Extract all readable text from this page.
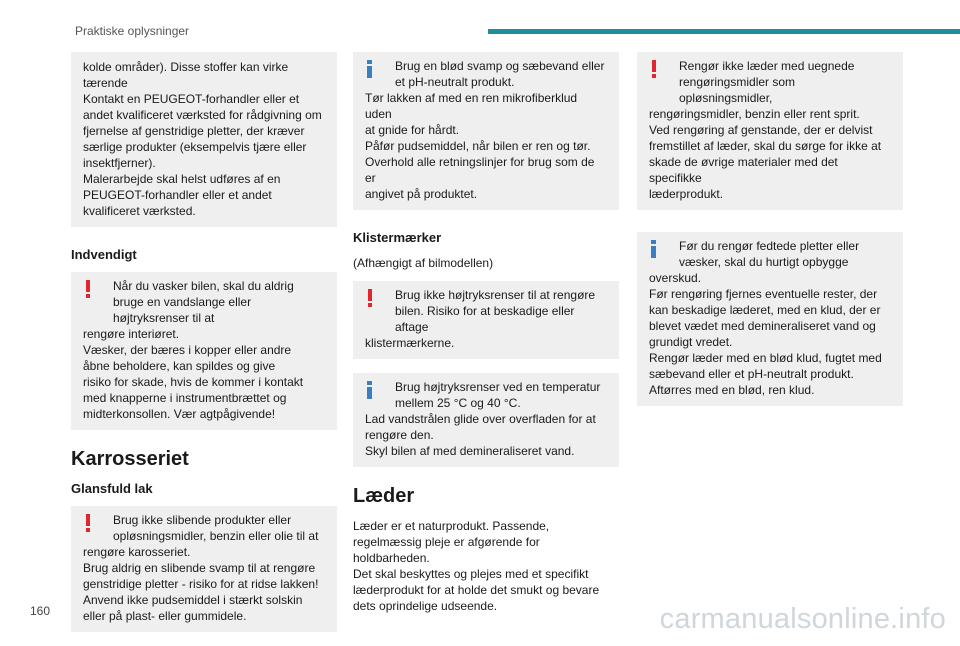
Praktiske oplysninger
kolde områder). Disse stoffer kan virke
tærende
Kontakt en PEUGEOT-forhandler eller et
andet kvalificeret værksted for rådgivning om
fjernelse af genstridige pletter, der kræver
særlige produkter (eksempelvis tjære eller
insektfjerner).
Malerarbejde skal helst udføres af en
PEUGEOT-forhandler eller et andet
kvalificeret værksted.
Indvendigt

Når du vasker bilen, skal du aldrig bruge en vandslange eller højtryksrenser til at

rengøre interiøret.
Væsker, der bæres i kopper eller andre
åbne beholdere, kan spildes og give
risiko for skade, hvis de kommer i kontakt
med knapperne i instrumentbrættet og
midterkonsollen. Vær agtpågivende!
Karrosseriet
Glansfuld lak

Brug ikke slibende produkter eller opløsningsmidler, benzin eller olie til at

rengøre karosseriet.
Brug aldrig en slibende svamp til at rengøre
genstridige pletter - risiko for at ridse lakken!
Anvend ikke pudsemiddel i stærkt solskin
eller på plast- eller gummidele.

Brug en blød svamp og sæbevand eller et pH-neutralt produkt.

Tør lakken af med en ren mikrofiberklud uden
at gnide for hårdt.
Påfør pudsemiddel, når bilen er ren og tør.
Overhold alle retningslinjer for brug som de er
angivet på produktet.
Klistermærker

(Afhængigt af bilmodellen)

Brug ikke højtryksrenser til at rengøre bilen. Risiko for at beskadige eller aftage

klistermærkerne.

Brug højtryksrenser ved en temperatur mellem 25 °C og 40 °C.

Lad vandstrålen glide over overfladen for at
rengøre den.
Skyl bilen af med demineraliseret vand.
Læder
Læder er et naturprodukt. Passende,
regelmæssig pleje er afgørende for
holdbarheden.
Det skal beskyttes og plejes med et specifikt
læderprodukt for at holde det smukt og bevare
dets oprindelige udseende.

Rengør ikke læder med uegnede rengøringsmidler som opløsningsmidler,

rengøringsmidler, benzin eller rent sprit.
Ved rengøring af genstande, der er delvist
fremstillet af læder, skal du sørge for ikke at
skade de øvrige materialer med det specifikke
læderprodukt.

Før du rengør fedtede pletter eller væsker, skal du hurtigt opbygge

overskud.
Før rengøring fjernes eventuelle rester, der
kan beskadige læderet, med en klud, der er
blevet vædet med demineraliseret vand og
grundigt vredet.
Rengør læder med en blød klud, fugtet med
sæbevand eller et pH-neutralt produkt.
Aftørres med en blød, ren klud.
160	carmanualsonline.info
